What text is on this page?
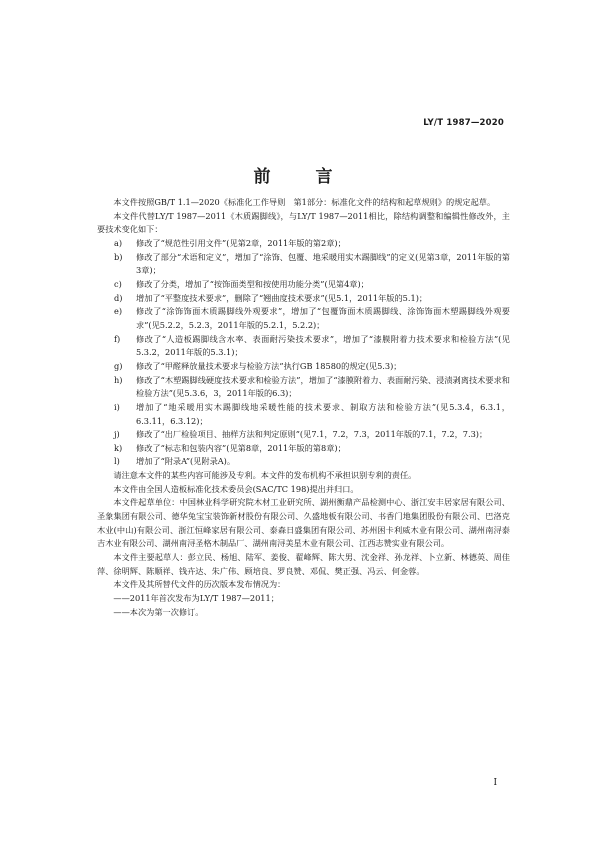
LY/T 1987—2020
前　言

本文件按照GB/T 1.1—2020《标准化工作导则　第1部分：标准化文件的结构和起草规则》的规定起草。

本文件代替LY/T 1987—2011《木质踢脚线》，与LY/T 1987—2011相比，除结构调整和编辑性修改外，主要技术变化如下：

a)	修改了“规范性引用文件”(见第2章，2011年版的第2章)；
b)	修改了部分“术语和定义”，增加了“涂饰、包覆、地采暖用实木踢脚线”的定义(见第3章，2011年版的第3章)；
c)	修改了分类，增加了“按饰面类型和按使用功能分类”(见第4章)；
d)	增加了“平整度技术要求”，删除了“翘曲度技术要求”(见5.1，2011年版的5.1)；
e)	修改了“涂饰饰面木质踢脚线外观要求”，增加了“包覆饰面木质踢脚线、涂饰饰面木塑踢脚线外观要求”(见5.2.2，5.2.3，2011年版的5.2.1，5.2.2)；
f)	修改了“人造板踢脚线含水率、表面耐污染技术要求”，增加了“漆膜附着力技术要求和检验方法”(见5.3.2，2011年版的5.3.1)；
g)	修改了“甲醛释放量技术要求与检验方法”执行GB 18580的规定(见5.3)；
h)	修改了“木塑踢脚线硬度技术要求和检验方法”，增加了“漆膜附着力、表面耐污染、浸渍剥离技术要求和检验方法”(见5.3.6，3，2011年版的6.3)；
i)	增加了“地采暖用实木踢脚线地采暖性能的技术要求、制取方法和检验方法”(见5.3.4，6.3.1，6.3.11，6.3.12)；
j)	修改了“出厂检验项目、抽样方法和判定原则”(见7.1，7.2，7.3，2011年版的7.1，7.2，7.3)；
k)	修改了“标志和包装内容”(见第8章，2011年版的第8章)；
l)	增加了“附录A”(见附录A)。

请注意本文件的某些内容可能涉及专利。本文件的发布机构不承担识别专利的责任。

本文件由全国人造板标准化技术委员会(SAC/TC 198)提出并归口。

本文件起草单位：中国林业科学研究院木材工业研究所、湖州衡鼎产品检测中心、浙江安丰居家居有限公司、圣象集团有限公司、德华兔宝宝装饰新材股份有限公司、久盛地板有限公司、书香门地集团股份有限公司、巴洛克木业(中山)有限公司、浙江恒峰家居有限公司、泰森日盛集团有限公司、苏州困卡利威木业有限公司、湖州南浔泰吉木业有限公司、湖州南浔圣格木制品厂、湖州南浔美星木业有限公司、江西志赞实业有限公司。

本文件主要起草人：彭立民、杨旭、陆军、姜俊、翟峰辉、陈大男、沈金祥、孙龙祥、卜立新、林德英、周佳萍、徐明辉、陈顺祥、钱卉达、朱广伟、顾培良、罗良赞、邓侃、樊正强、冯云、何金蓉。

本文件及其所替代文件的历次版本发布情况为：

——2011年首次发布为LY/T 1987—2011；

——本次为第一次修订。

I
